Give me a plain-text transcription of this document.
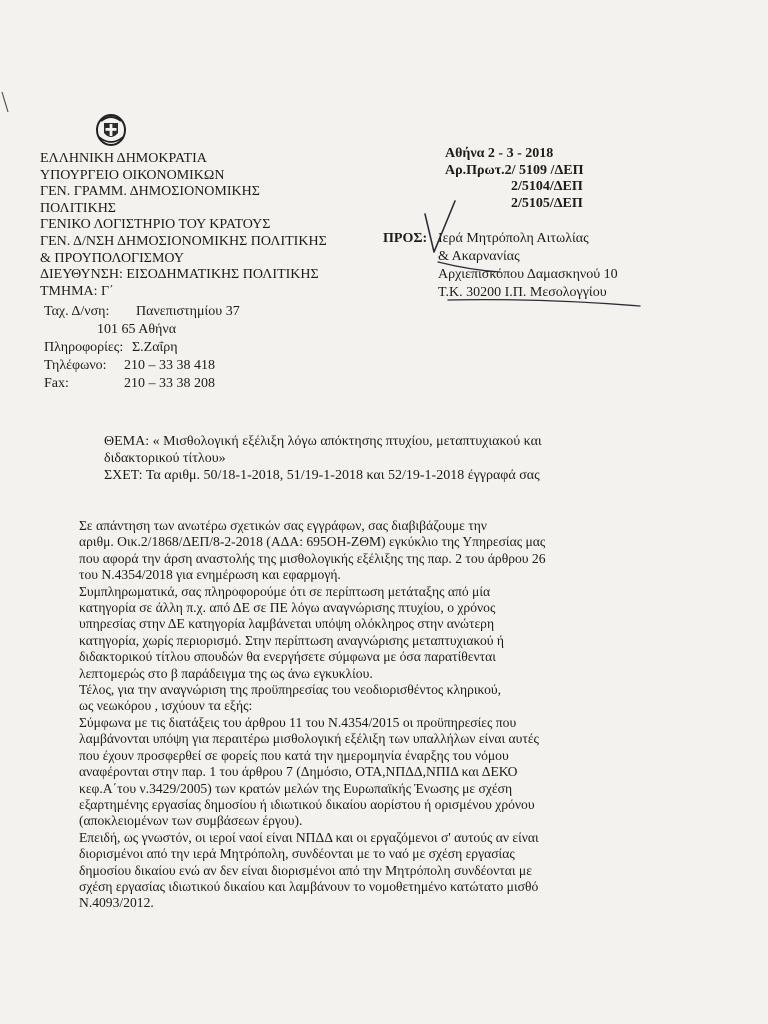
ΕΛΛΗΝΙΚΗ ΔΗΜΟΚΡΑΤΙΑ
ΥΠΟΥΡΓΕΙΟ ΟΙΚΟΝΟΜΙΚΩΝ
ΓΕΝ. ΓΡΑΜΜ. ΔΗΜΟΣΙΟΝΟΜΙΚΗΣ
ΠΟΛΙΤΙΚΗΣ
ΓΕΝΙΚΟ ΛΟΓΙΣΤΗΡΙΟ ΤΟΥ ΚΡΑΤΟΥΣ
ΓΕΝ. Δ/ΝΣΗ ΔΗΜΟΣΙΟΝΟΜΙΚΗΣ ΠΟΛΙΤΙΚΗΣ
& ΠΡΟΥΠΟΛΟΓΙΣΜΟΥ
ΔΙΕΥΘΥΝΣΗ: ΕΙΣΟΔΗΜΑΤΙΚΗΣ ΠΟΛΙΤΙΚΗΣ
ΤΜΗΜΑ: Γ΄
Ταχ. Δ/νση: Πανεπιστημίου 37
101 65 Αθήνα
Πληροφορίες: Σ.Ζαΐρη
Τηλέφωνο: 210 – 33 38 418
Fax:	210 – 33 38 208
Αθήνα 2 - 3 - 2018
Αρ.Πρωτ.2/ 5109 /ΔΕΠ
2/5104/ΔΕΠ
2/5105/ΔΕΠ
ΠΡΟΣ: Ιερά Μητρόπολη Αιτωλίας
& Ακαρνανίας
Αρχιεπισκόπου Δαμασκηνού 10
Τ.Κ. 30200 Ι.Π. Μεσολογγίου
ΘΕΜΑ: « Μισθολογική εξέλιξη λόγω απόκτησης πτυχίου, μεταπτυχιακού και
διδακτορικού τίτλου»
ΣΧΕΤ: Τα αριθμ. 50/18-1-2018, 51/19-1-2018 και 52/19-1-2018 έγγραφά σας
Σε απάντηση των ανωτέρω σχετικών σας εγγράφων, σας διαβιβάζουμε την
αριθμ. Οικ.2/1868/ΔΕΠ/8-2-2018 (ΑΔΑ: 695ΟΗ-ΖΘΜ) εγκύκλιο της Υπηρεσίας μας
που αφορά την άρση αναστολής της μισθολογικής εξέλιξης της παρ. 2 του άρθρου 26
του Ν.4354/2018 για ενημέρωση και εφαρμογή.
Συμπληρωματικά, σας πληροφορούμε ότι σε περίπτωση μετάταξης από μία
κατηγορία σε άλλη π.χ. από ΔΕ σε ΠΕ λόγω αναγνώρισης πτυχίου, ο χρόνος
υπηρεσίας στην ΔΕ κατηγορία λαμβάνεται υπόψη ολόκληρος στην ανώτερη
κατηγορία, χωρίς περιορισμό. Στην περίπτωση αναγνώρισης μεταπτυχιακού ή
διδακτορικού τίτλου σπουδών θα ενεργήσετε σύμφωνα με όσα παρατίθενται
λεπτομερώς στο β παράδειγμα της ως άνω εγκυκλίου.
Τέλος, για την αναγνώριση της προϋπηρεσίας του νεοδιορισθέντος κληρικού,
ως νεωκόρου , ισχύουν τα εξής:
Σύμφωνα με τις διατάξεις του άρθρου 11 του Ν.4354/2015 οι προϋπηρεσίες που
λαμβάνονται υπόψη για περαιτέρω μισθολογική εξέλιξη των υπαλλήλων είναι αυτές
που έχουν προσφερθεί σε φορείς που κατά την ημερομηνία έναρξης του νόμου
αναφέρονται στην παρ. 1 του άρθρου 7 (Δημόσιο, ΟΤΑ,ΝΠΔΔ,ΝΠΙΔ και ΔΕΚΟ
κεφ.Α΄του ν.3429/2005) των κρατών μελών της Ευρωπαϊκής Ένωσης με σχέση
εξαρτημένης εργασίας δημοσίου ή ιδιωτικού δικαίου αορίστου ή ορισμένου χρόνου
(αποκλειομένων των συμβάσεων έργου).
Επειδή, ως γνωστόν, οι ιεροί ναοί είναι ΝΠΔΔ και οι εργαζόμενοι σ' αυτούς αν είναι
διορισμένοι από την ιερά Μητρόπολη, συνδέονται με το ναό με σχέση εργασίας
δημοσίου δικαίου ενώ αν δεν είναι διορισμένοι από την Μητρόπολη συνδέονται με
σχέση εργασίας ιδιωτικού δικαίου και λαμβάνουν το νομοθετημένο κατώτατο μισθό
Ν.4093/2012.
